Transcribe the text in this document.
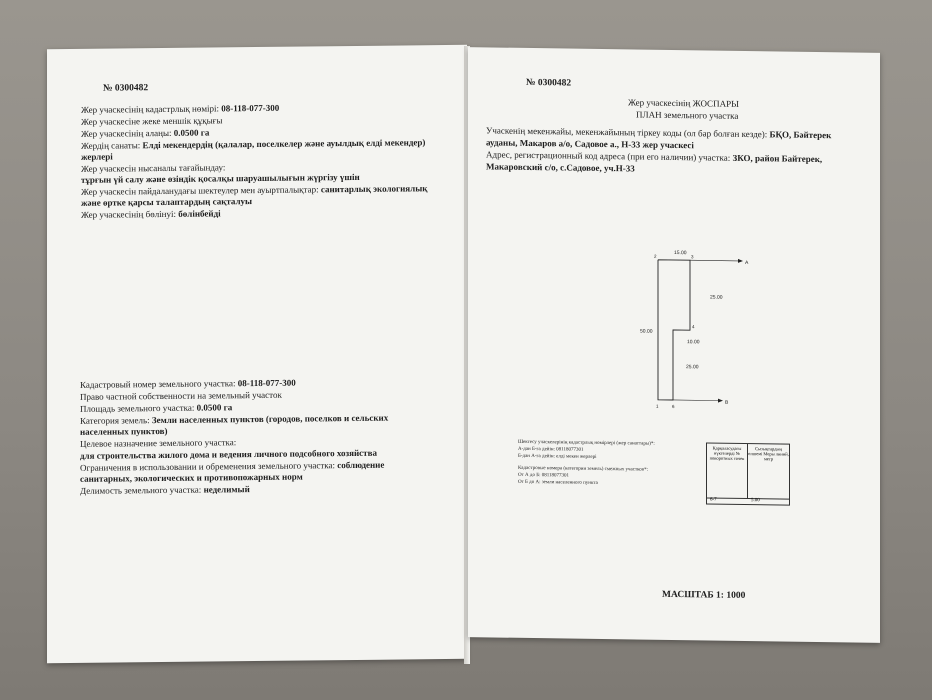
№ 0300482
Жер учаскесінің кадастрлық нөмірі: 08-118-077-300
Жер учаскесіне жеке меншік құқығы
Жер учаскесінің алаңы: 0.0500 га
Жердің санаты: Елді мекендердің (қалалар, поселкелер және ауылдық елді мекендер)
жерлері
Жер учаскесін нысаналы тағайындау:
тұрғын үй салу және өзіндік қосалқы шаруашылығын жүргізу үшін
Жер учаскесін пайдаланудағы шектеулер мен ауыртпалықтар: санитарлық экологиялық
және өртке қарсы талаптардың сақталуы
Жер учаскесінің бөлінуі: бөлінбейді
Кадастровый номер земельного участка: 08-118-077-300
Право частной собственности на земельный участок
Площадь земельного участка: 0.0500 га
Категория земель: Земли населенных пунктов (городов, поселков и сельских
населенных пунктов)
Целевое назначение земельного участка:
для строительства жилого дома и ведения личного подсобного хозяйства
Ограничения в использовании и обременения земельного участка: соблюдение
санитарных, экологических и противопожарных норм
Делимость земельного участка: неделимый
№ 0300482
Жер учаскесінің ЖОСПАРЫ
ПЛАН земельного участка
Учаскенің мекенжайы, мекенжайының тіркеу коды (ол бар болған кезде): БҚО, Бәйтерек
ауданы, Макаров а/о, Садовое а., Н-33 жер учаскесі
Адрес, регистрационный код адреса (при его наличии) участка: ЗКО, район Байтерек,
Макаровский с/о, с.Садовое, уч.Н-33
15.00
25.00
50.00
10.00
25.00
А
В
2	3
4
1	6
Шектесу учаскелерінің кадастрлық нөмірлері (жер санаттары)*:
А-дан Б-ға дейін: 08118077301
Б-дан А-ға дейін: елді мекен жерлері
Кадастровые номера (категории земель) смежных участков*:
От А до Б: 08118077301
От Б до А: земли населенного пункта
Қарқаласудағы нүктелерді № поворотных точек
Сызықтардың өлшемі Меры линий, метр
6-7	5.00
МАСШТАБ 1: 1000
